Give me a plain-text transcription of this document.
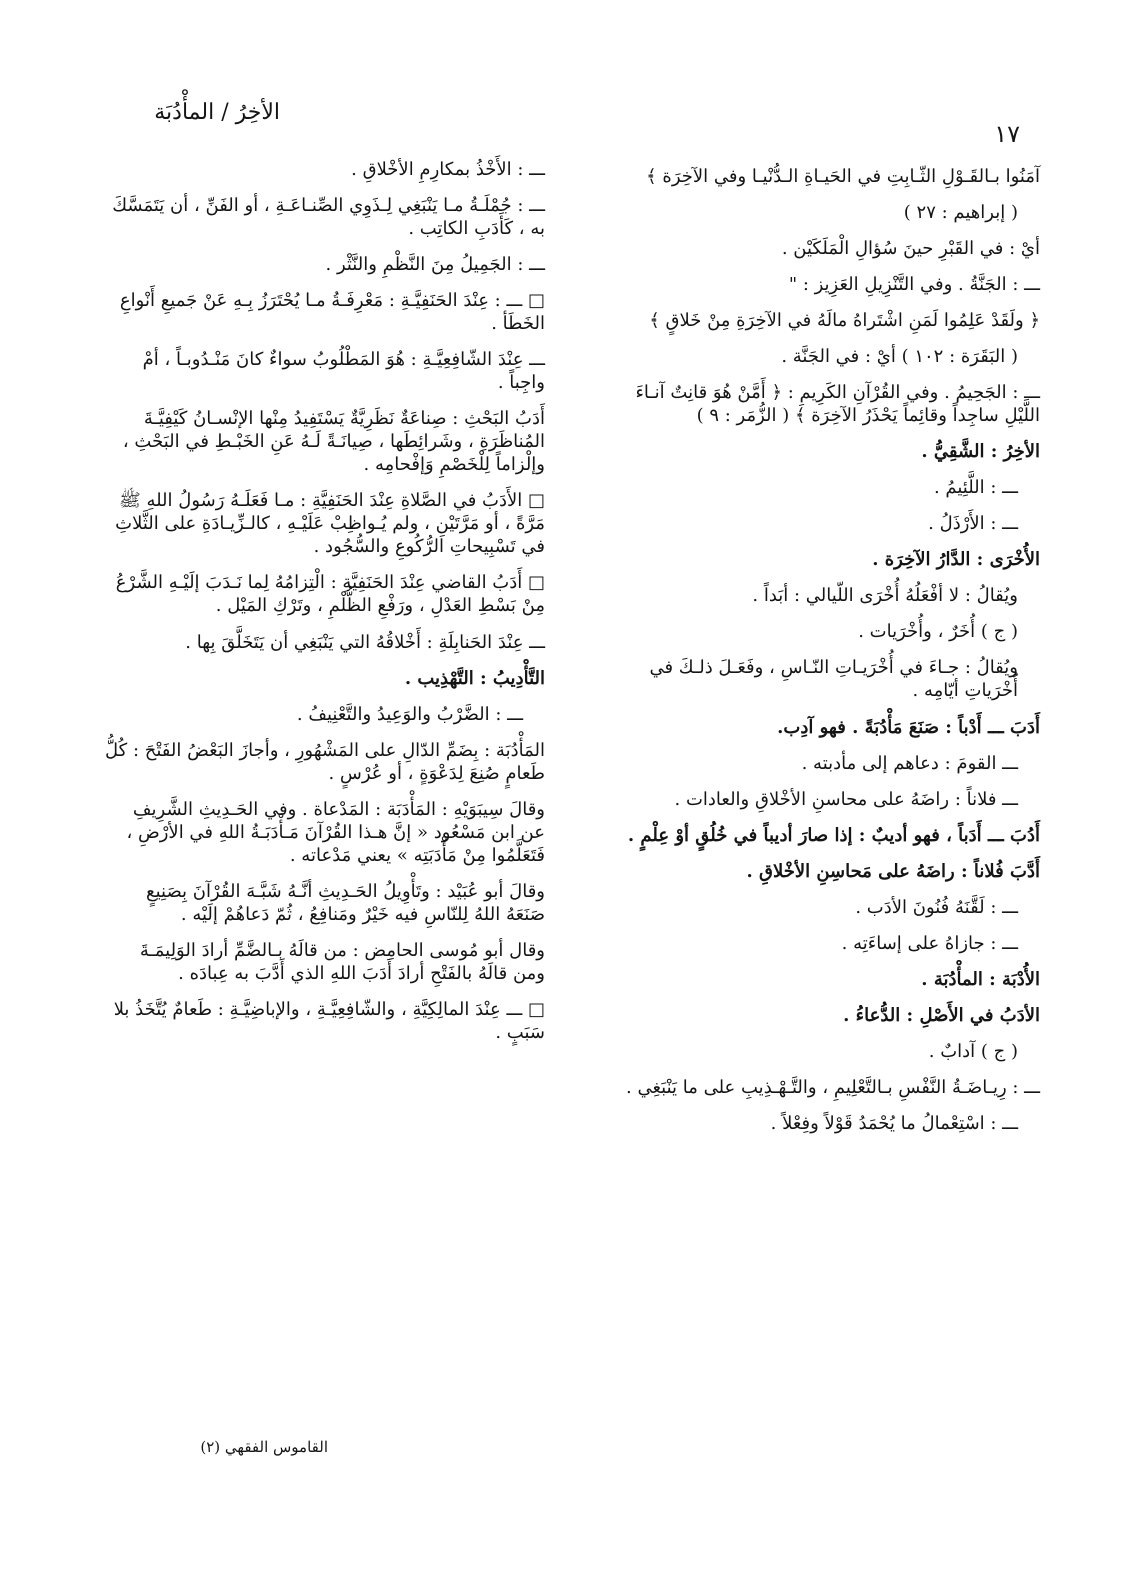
الأخِرُ / المأْدُبَة
١٧

آمَنُوا بـالقَـوْلِ الثّـابِتِ في الحَيـاةِ الـدُّنْيـا وفي الآخِرَة ﴾

( إبراهيم : ٢٧ )

أيْ : في القَبْرِ حينَ سُؤالِ الْمَلَكَيْن .

ـــ : الجَنَّةُ . وفي التَّنْزِيلِ العَزِيز : "

﴿ ولَقَدْ عَلِمُوا لَمَنِ اشْتَراهُ مالَهُ في الآخِرَةِ مِنْ خَلاقٍ ﴾

( البَقَرَة : ١٠٢ ) أيْ : في الجَنَّة .

ـــ : الجَحِيمُ . وفي القُرْآنِ الكَرِيمِ : ﴿ أَمَّنْ هُوَ قانِتٌ آنـاءَ اللَّيْلِ ساجِداً وقائِماً يَحْذَرُ الآخِرَة ﴾ ( الزُّمَر : ٩ )

الأخِرُ : الشَّقِيُّ .

ـــ : اللَّئِيمُ .

ـــ : الأَرْذَلُ .

الأُخْرَى : الدَّارُ الآخِرَة .

ويُقالُ : لا أفْعَلُهُ أُخْرَى اللّيالي : أبَداً .

( ج ) أُخَرٌ ، وأُخْرَيات .

ويُقالُ : جـاءَ في أُخْرَيـاتِ النّـاسِ ، وفَعَـلَ ذلـكَ في أُخْرَياتِ أيّامِه .

أَدَبَ ـــ أَدْباً : صَنَعَ مَأْدُبَةً . فهو آدِب.

ـــ القومَ : دعاهم إلى مأدبته .

ـــ فلاناً : راضَهُ على محاسنِ الأخْلاقِ والعادات .

أَدُبَ ـــ أَدَباً ، فهو أديبٌ : إذا صارَ أديباً في خُلُقٍ أوْ عِلْمٍ .

أَدَّبَ فُلاناً : راضَهُ على مَحاسِنِ الأخْلاقِ .

ـــ : لَقَّنَهُ فُنُونَ الأدَب .

ـــ : جازاهُ على إساءَتِه .

الأُدْبَة : المأْدُبَة .

الأدَبُ في الأَصْلِ : الدُّعاءُ .

( ج ) آدابٌ .

ـــ : رِيـاضَـةُ النَّفْسِ بـالتَّعْلِيمِ ، والتَّـهْـذِيبِ على ما يَنْبَغِي .

ـــ : اسْتِعْمالُ ما يُحْمَدُ قَوْلاً وفِعْلاً .

ـــ : الأَخْذُ بمكارِمِ الأخْلاقِ .

ـــ : جُمْلَـةُ مـا يَنْبَغِي لِـذَوِي الصِّنـاعَـةِ ، أو الفَنِّ ، أن يَتَمَسَّكَ به ، كَأَدَبِ الكاتِب .

ـــ : الجَمِيلُ مِنَ النَّظْمِ والنَّثْر .

□ ـــ : عِنْدَ الحَنَفِيَّـةِ : مَعْرِفَـةُ مـا يُحْتَرَزُ بِـهِ عَنْ جَميعِ أَنْواعِ الخَطَأ .

ـــ عِنْدَ الشّافِعِيَّـةِ : هُوَ المَطْلُوبُ سواءٌ كانَ مَنْـدُوبـاً ، أمْ واجِباً .

أَدَبُ البَحْثِ : صِناعَةٌ نَظَرِيَّةٌ يَسْتَفِيدُ مِنْها الإنْسـانُ كَيْفِيَّـةَ المُناظَرَةِ ، وشَرائِطَها ، صِيانَـةً لَـهُ عَنِ الخَبْـطِ في البَحْثِ ، وإلْزاماً لِلْخَصْمِ وَإفْحامِه .

□ الأَدَبُ في الصَّلاةِ عِنْدَ الحَنَفِيَّةِ : مـا فَعَلَـهُ رَسُولُ اللهِ ﷺ مَرَّةً ، أو مَرَّتَيْنِ ، ولم يُـواظِبْ عَلَيْـهِ ، كالـزِّيـادَةِ على الثَّلاثِ في تَسْبِيحاتِ الرُّكُوعِ والسُّجُود .

□ أَدَبُ القاضي عِنْدَ الحَنَفِيَّةِ : الْتِزامُهُ لِما نَـدَبَ إلَيْـهِ الشَّرْعُ مِنْ بَسْطِ العَدْلِ ، ورَفْعِ الظُّلْمِ ، وتَرْكِ المَيْل .

ـــ عِنْدَ الحَنابِلَةِ : أَخْلاقُهُ التي يَنْبَغِي أن يَتَخَلَّقَ بِها .

التَّأْدِيبُ : التَّهْذِيب .

ـــ : الضَّرْبُ والوَعِيدُ والتَّعْنِيفُ .

المَأْدُبَة : بِضَمِّ الدّالِ على المَشْهُورِ ، وأجازَ البَعْضُ الفَتْحَ : كُلُّ طَعامٍ صُنِعَ لِدَعْوَةٍ ، أو عُرْسٍ .

وقالَ سِيبَوَيْهِ : المَأْدَبَة : المَدْعاة . وفي الحَـدِيثِ الشَّرِيفِ عن ابن مَسْعُود « إنَّ هـذا القُرْآنَ مَـأْدَبَـةُ اللهِ في الأرْضِ ، فَتَعَلَّمُوا مِنْ مَأْدَبَتِه » يعني مَدْعاته .

وقالَ أبو عُبَيْد : وتَأْوِيلُ الحَـدِيثِ أنَّـهُ شَبَّـهَ القُرْآنَ بِصَنِيعٍ صَنَعَهُ اللهُ لِلنّاسِ فيه خَيْرٌ ومَنافِعُ ، ثُمّ دَعاهُمْ إلَيْه .

وقال أبو مُوسى الحامِض : من قالَهُ بـالضَّمِّ أرادَ الوَلِيمَـةَ ومن قالَهُ بالفَتْحِ أرادَ أَدَبَ اللهِ الذي أَدَّبَ به عِبادَه .

□ ـــ عِنْدَ المالِكِيَّةِ ، والشّافِعِيَّـةِ ، والإباضِيَّـةِ : طَعامٌ يُتَّخَذُ بلا سَبَبٍ .

القاموس الفقهي (٢)
